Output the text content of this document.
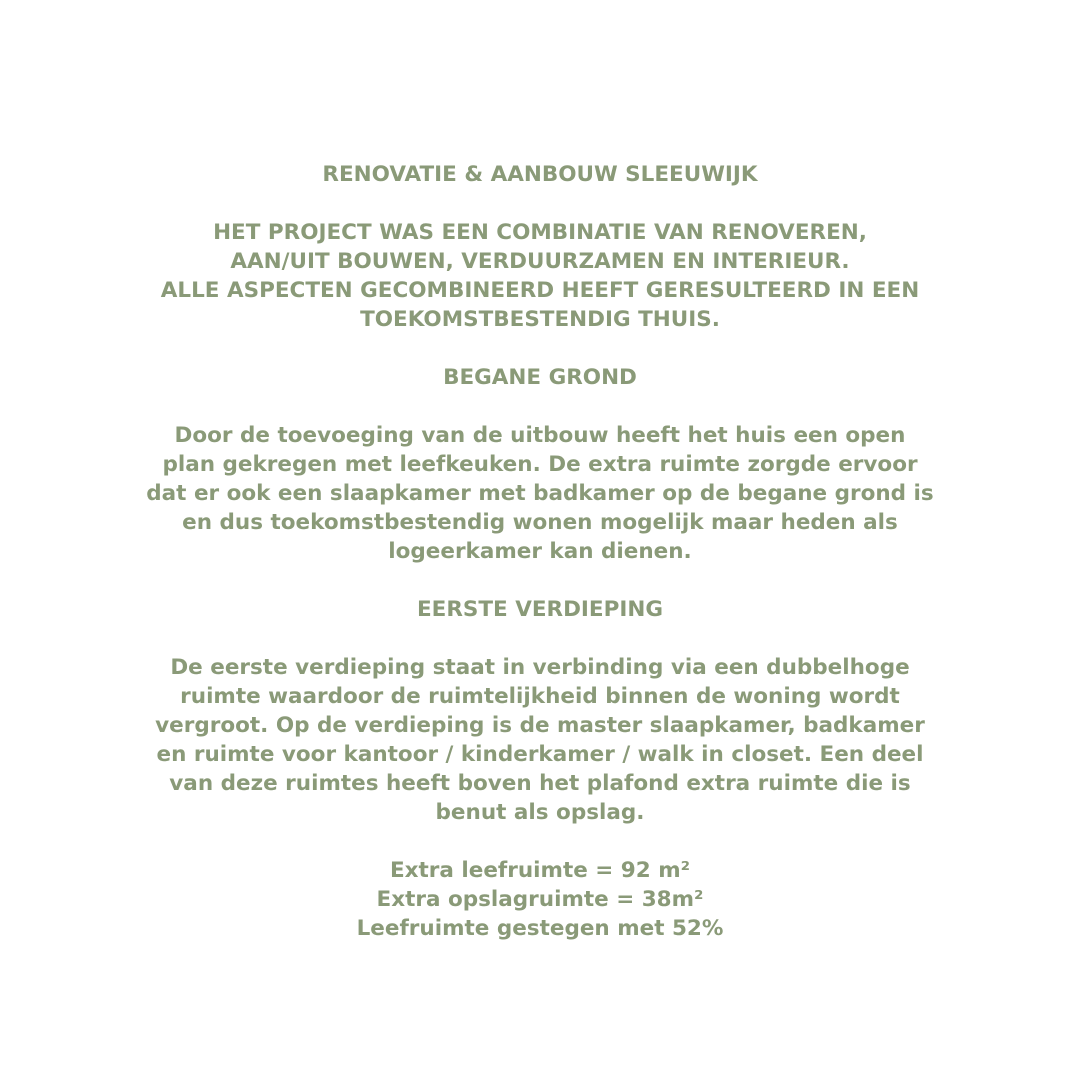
RENOVATIE & AANBOUW SLEEUWIJK
HET PROJECT WAS EEN COMBINATIE VAN RENOVEREN,
AAN/UIT BOUWEN, VERDUURZAMEN EN INTERIEUR.
ALLE ASPECTEN GECOMBINEERD HEEFT GERESULTEERD IN EEN
TOEKOMSTBESTENDIG THUIS.
BEGANE GROND
Door de toevoeging van de uitbouw heeft het huis een open
plan gekregen met leefkeuken. De extra ruimte zorgde ervoor
dat er ook een slaapkamer met badkamer op de begane grond is
en dus toekomstbestendig wonen mogelijk maar heden als
logeerkamer kan dienen.
EERSTE VERDIEPING
De eerste verdieping staat in verbinding via een dubbelhoge
ruimte waardoor de ruimtelijkheid binnen de woning wordt
vergroot. Op de verdieping is de master slaapkamer, badkamer
en ruimte voor kantoor / kinderkamer / walk in closet. Een deel
van deze ruimtes heeft boven het plafond extra ruimte die is
benut als opslag.
Extra leefruimte = 92 m²
Extra opslagruimte = 38m²
Leefruimte gestegen met 52%
